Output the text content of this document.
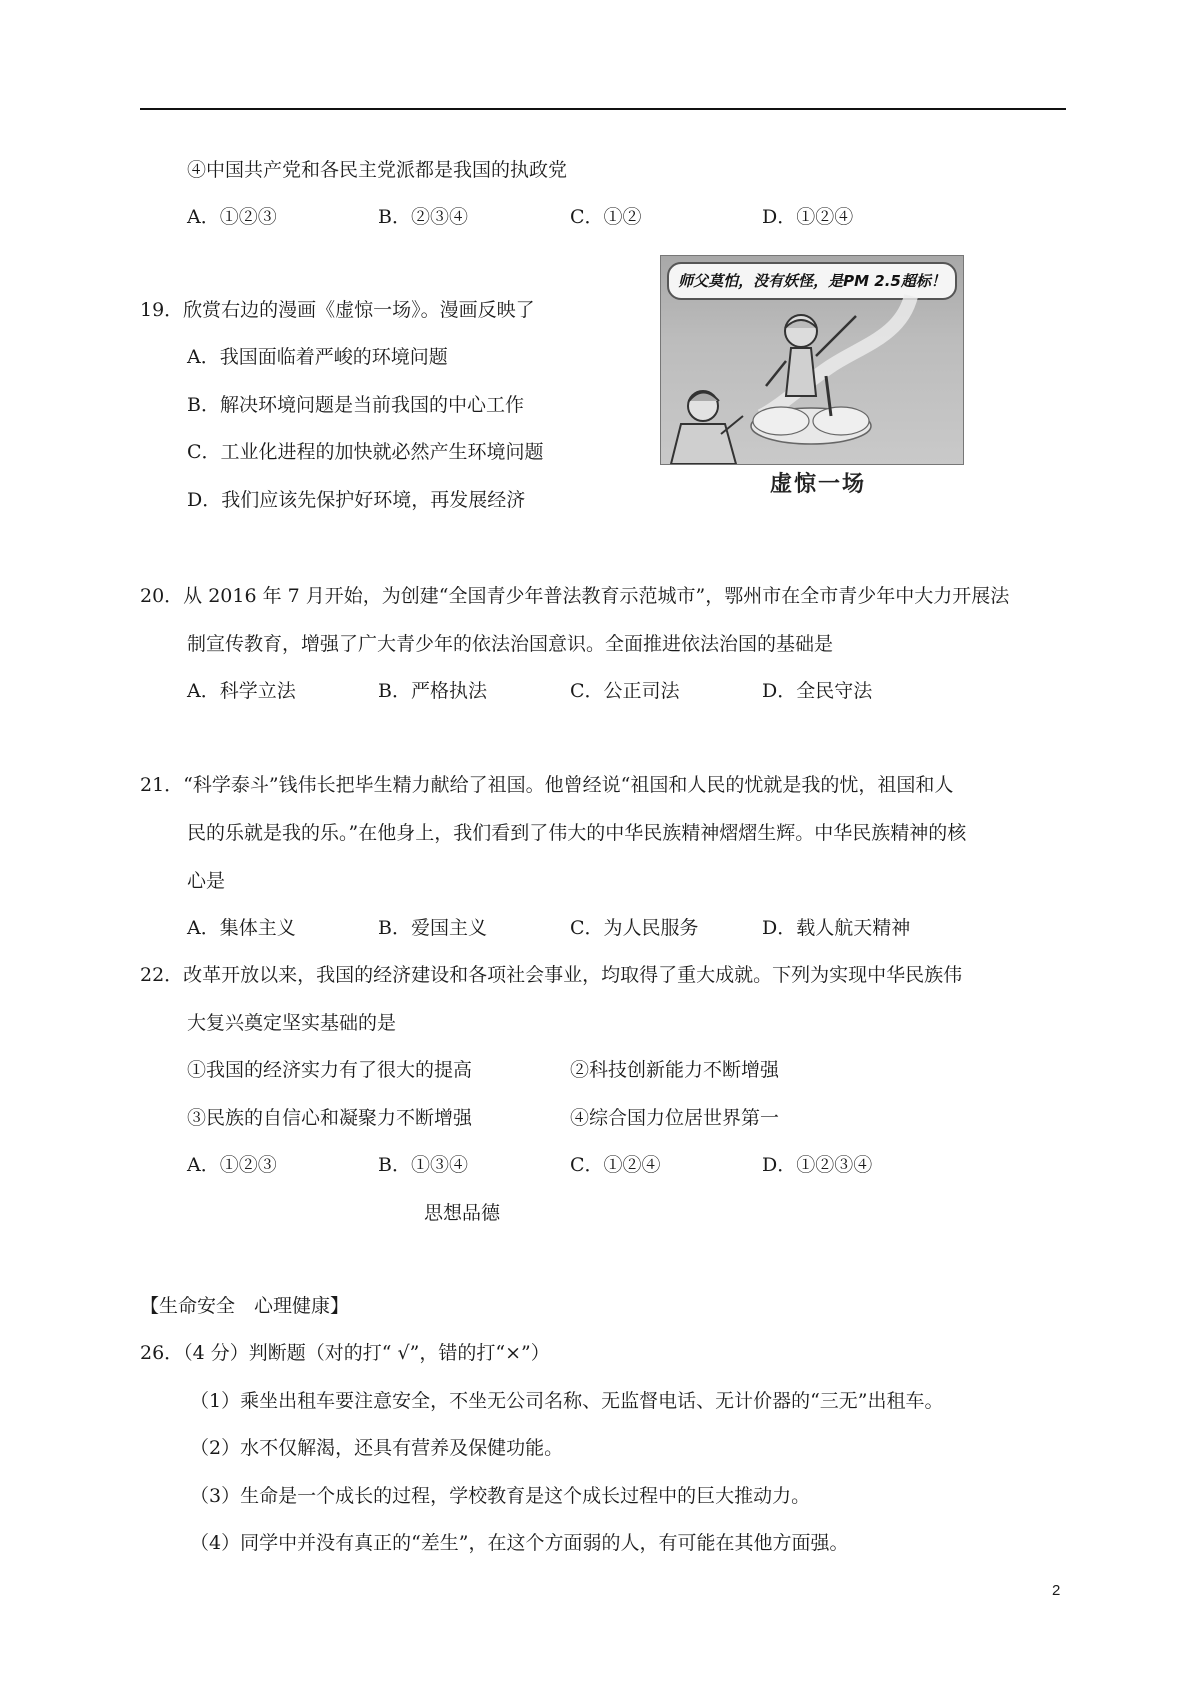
④中国共产党和各民主党派都是我国的执政党
A．①②③	B．②③④	C．①②	D．①②④
19．欣赏右边的漫画《虚惊一场》。漫画反映了
A．我国面临着严峻的环境问题
B．解决环境问题是当前我国的中心工作
C．工业化进程的加快就必然产生环境问题
D．我们应该先保护好环境，再发展经济
师父莫怕，没有妖怪，是PM 2.5超标！
虚惊一场
20．从 2016 年 7 月开始，为创建“全国青少年普法教育示范城市”，鄂州市在全市青少年中大力开展法
制宣传教育，增强了广大青少年的依法治国意识。全面推进依法治国的基础是
A．科学立法	B．严格执法	C．公正司法	D．全民守法
21．“科学泰斗”钱伟长把毕生精力献给了祖国。他曾经说“祖国和人民的忧就是我的忧，祖国和人
民的乐就是我的乐。”在他身上，我们看到了伟大的中华民族精神熠熠生辉。中华民族精神的核
心是
A．集体主义	B．爱国主义	C．为人民服务	D．载人航天精神
22．改革开放以来，我国的经济建设和各项社会事业，均取得了重大成就。下列为实现中华民族伟
大复兴奠定坚实基础的是
①我国的经济实力有了很大的提高	②科技创新能力不断增强
③民族的自信心和凝聚力不断增强	④综合国力位居世界第一
A．①②③	B．①③④	C．①②④	D．①②③④
思想品德
【生命安全　心理健康】
26．（4 分）判断题（对的打“ √”，错的打“×”）
（1）乘坐出租车要注意安全，不坐无公司名称、无监督电话、无计价器的“三无”出租车。
（2）水不仅解渴，还具有营养及保健功能。
（3）生命是一个成长的过程，学校教育是这个成长过程中的巨大推动力。
（4）同学中并没有真正的“差生”，在这个方面弱的人，有可能在其他方面强。
2
